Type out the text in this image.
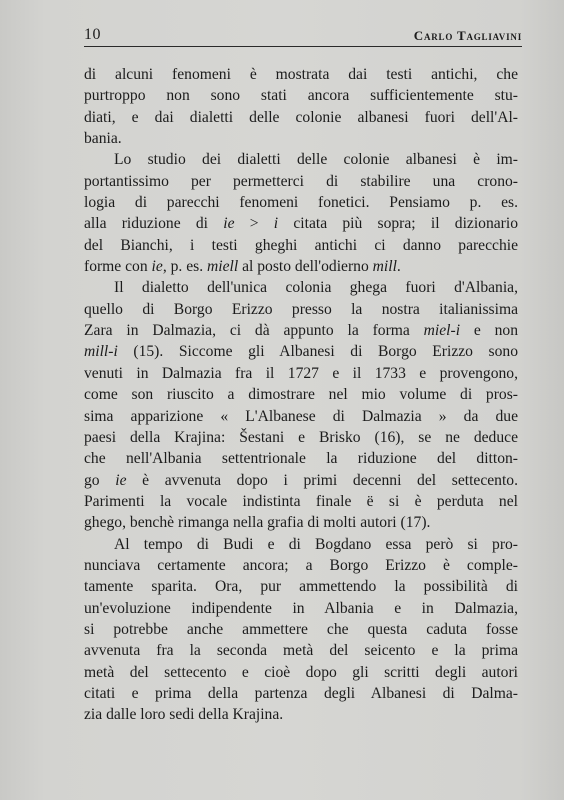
10	Carlo Tagliavini
di alcuni fenomeni è mostrata dai testi antichi, che
purtroppo non sono stati ancora sufficientemente stu-
diati, e dai dialetti delle colonie albanesi fuori dell'Al-
bania.
Lo studio dei dialetti delle colonie albanesi è im-
portantissimo per permetterci di stabilire una crono-
logia di parecchi fenomeni fonetici. Pensiamo p. es.
alla riduzione di ie > i citata più sopra; il dizionario
del Bianchi, i testi gheghi antichi ci danno parecchie
forme con ie, p. es. miell al posto dell'odierno mill.
Il dialetto dell'unica colonia ghega fuori d'Albania,
quello di Borgo Erizzo presso la nostra italianissima
Zara in Dalmazia, ci dà appunto la forma miel-i e non
mill-i (15). Siccome gli Albanesi di Borgo Erizzo sono
venuti in Dalmazia fra il 1727 e il 1733 e provengono,
come son riuscito a dimostrare nel mio volume di pros-
sima apparizione « L'Albanese di Dalmazia » da due
paesi della Krajina: Šestani e Brisko (16), se ne deduce
che nell'Albania settentrionale la riduzione del ditton-
go ie è avvenuta dopo i primi decenni del settecento.
Parimenti la vocale indistinta finale ë si è perduta nel
ghego, benchè rimanga nella grafia di molti autori (17).
Al tempo di Budi e di Bogdano essa però si pro-
nunciava certamente ancora; a Borgo Erizzo è comple-
tamente sparita. Ora, pur ammettendo la possibilità di
un'evoluzione indipendente in Albania e in Dalmazia,
si potrebbe anche ammettere che questa caduta fosse
avvenuta fra la seconda metà del seicento e la prima
metà del settecento e cioè dopo gli scritti degli autori
citati e prima della partenza degli Albanesi di Dalma-
zia dalle loro sedi della Krajina.
